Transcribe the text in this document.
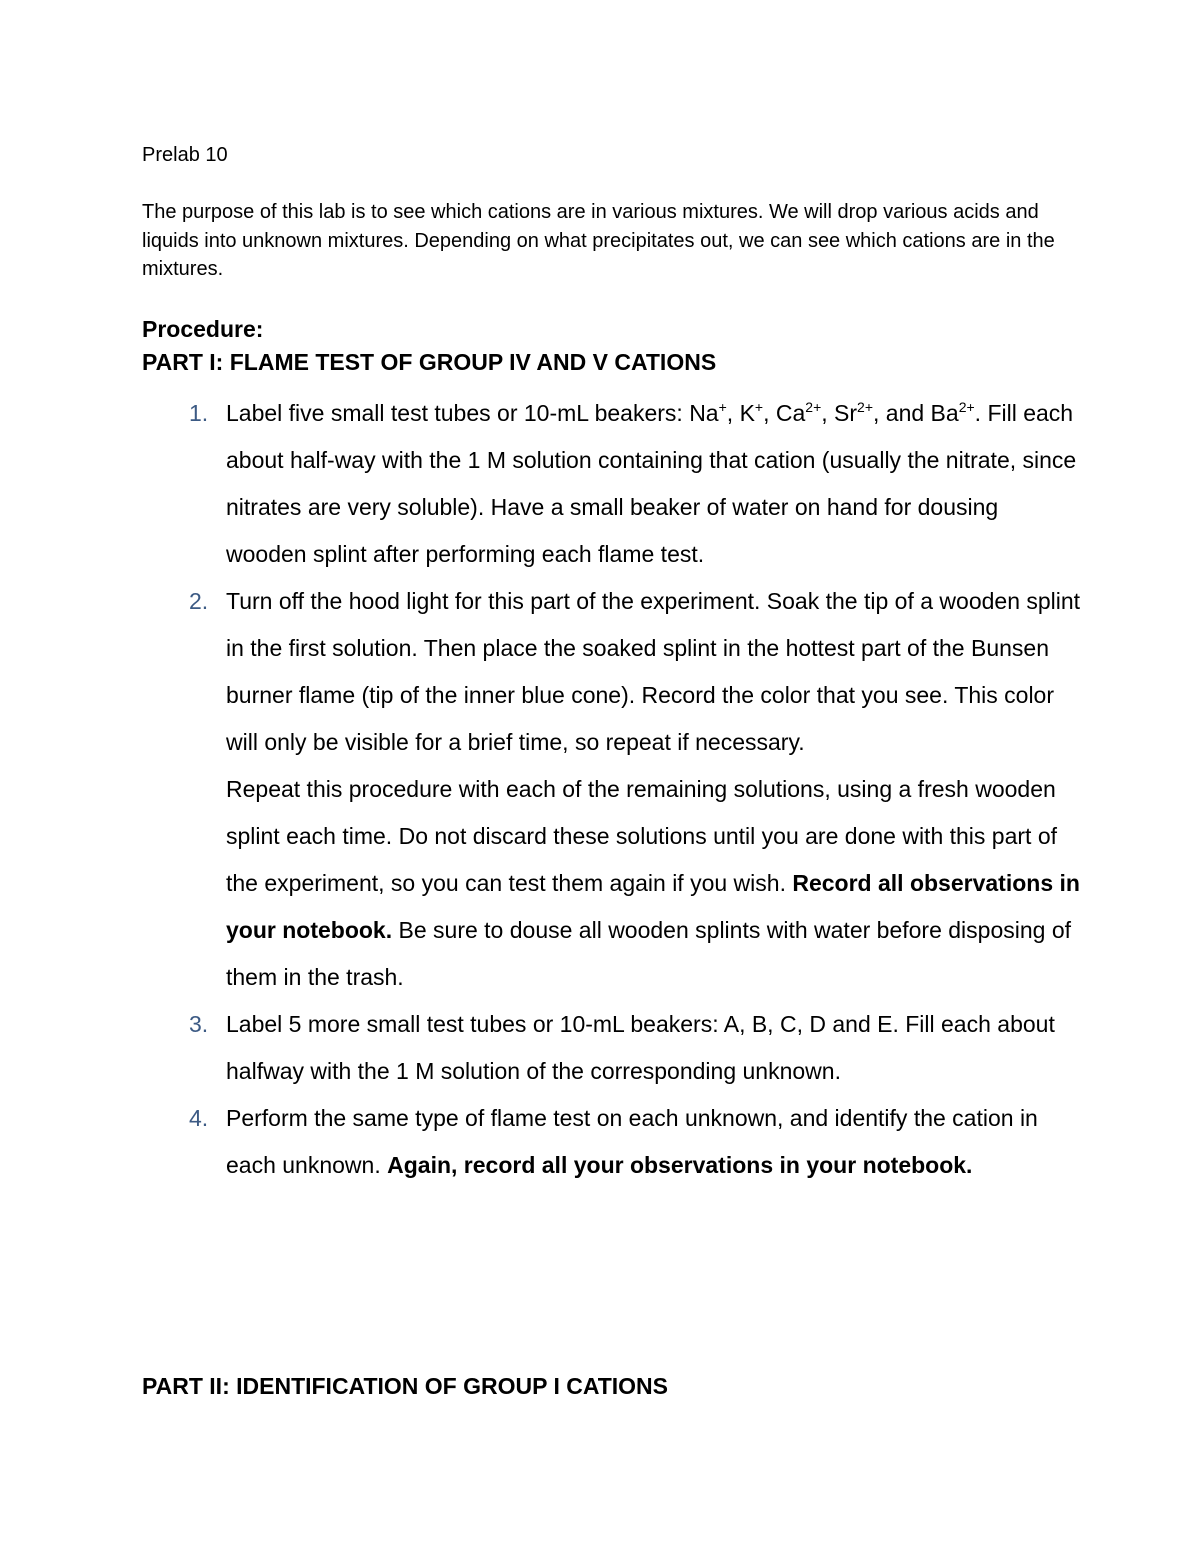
Prelab 10

The purpose of this lab is to see which cations are in various mixtures. We will drop various acids and liquids into unknown mixtures. Depending on what precipitates out, we can see which cations are in the mixtures.

Procedure:
PART I: FLAME TEST OF GROUP IV AND V CATIONS
1. Label five small test tubes or 10-mL beakers: Na+, K+, $Ca^{2+}$, $Sr^{2+}$, and $Ba^{2+}$. Fill each about half-way with the 1 M solution containing that cation (usually the nitrate, since nitrates are very soluble). Have a small beaker of water on hand for dousing wooden splint after performing each flame test.

2. Turn off the hood light for this part of the experiment. Soak the tip of a wooden splint in the first solution. Then place the soaked splint in the hottest part of the Bunsen burner flame (tip of the inner blue cone). Record the color that you see. This color will only be visible for a brief time, so repeat if necessary.

Repeat this procedure with each of the remaining solutions, using a fresh wooden splint each time. Do not discard these solutions until you are done with this part of the experiment, so you can test them again if you wish. Record all observations in your notebook. Be sure to douse all wooden splints with water before disposing of them in the trash.

3. Label 5 more small test tubes or 10-mL beakers: A, B, C, D and E. Fill each about halfway with the 1 M solution of the corresponding unknown.

4. Perform the same type of flame test on each unknown, and identify the cation in each unknown. Again, record all your observations in your notebook.

PART II: IDENTIFICATION OF GROUP I CATIONS
